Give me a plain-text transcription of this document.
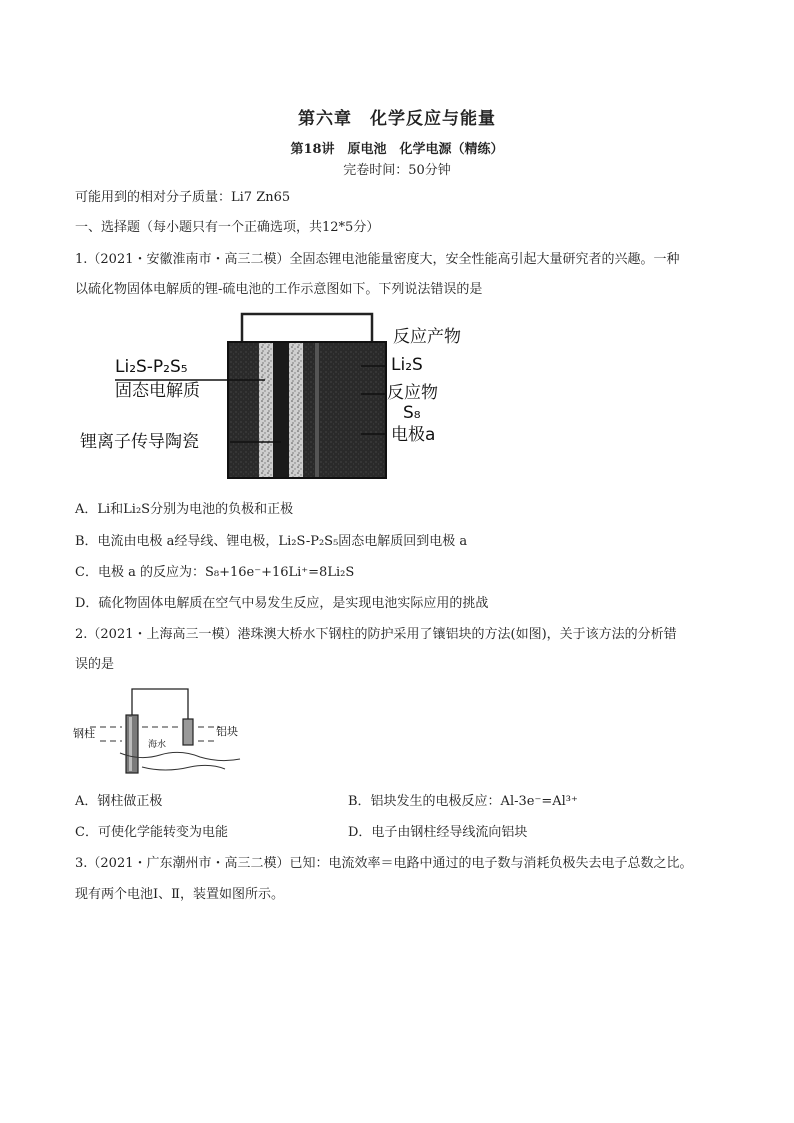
第六章　化学反应与能量
第18讲　原电池　化学电源（精练）
完卷时间：50分钟
可能用到的相对分子质量：Li7 Zn65
一、选择题（每小题只有一个正确选项，共12*5分）
1.（2021・安徽淮南市・高三二模）全固态锂电池能量密度大，安全性能高引起大量研究者的兴趣。一种
以硫化物固体电解质的锂-硫电池的工作示意图如下。下列说法错误的是
Li₂S-P₂S₅
固态电解质
锂离子传导陶瓷
反应产物
Li₂S
反应物
S₈
电极a
A．Li和Li₂S分别为电池的负极和正极
B．电流由电极 a经导线、锂电极，Li₂S-P₂S₅固态电解质回到电极 a
C．电极 a 的反应为：S₈+16e⁻+16Li⁺=8Li₂S
D．硫化物固体电解质在空气中易发生反应，是实现电池实际应用的挑战
2.（2021・上海高三一模）港珠澳大桥水下钢柱的防护采用了镶铝块的方法(如图)，关于该方法的分析错
误的是
钢柱
海水
铝块
A．钢柱做正极	B．铝块发生的电极反应：Al-3e⁻=Al³⁺
C．可使化学能转变为电能	D．电子由钢柱经导线流向铝块
3.（2021・广东潮州市・高三二模）已知：电流效率＝电路中通过的电子数与消耗负极失去电子总数之比。
现有两个电池Ⅰ、Ⅱ，装置如图所示。
